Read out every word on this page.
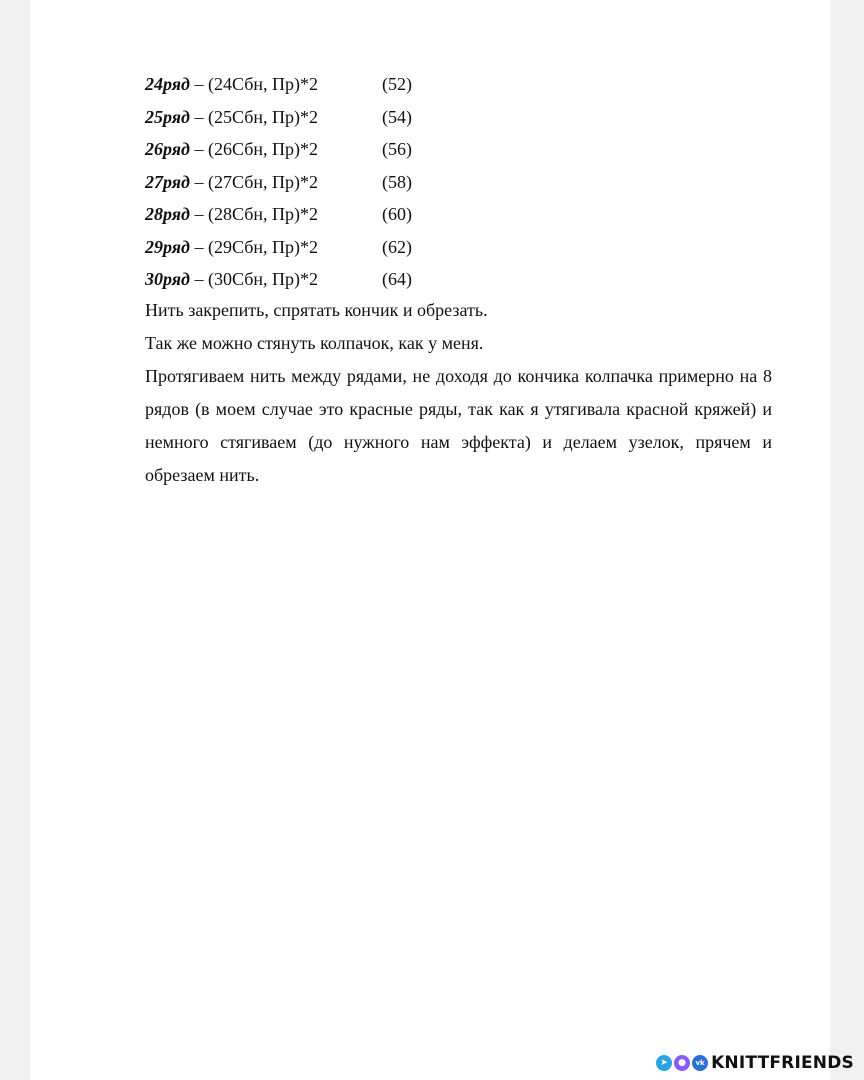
24ряд – (24Сбн, Пр)*2	(52)
25ряд – (25Сбн, Пр)*2	(54)
26ряд – (26Сбн, Пр)*2	(56)
27ряд – (27Сбн, Пр)*2	(58)
28ряд – (28Сбн, Пр)*2	(60)
29ряд – (29Сбн, Пр)*2	(62)
30ряд – (30Сбн, Пр)*2	(64)
Нить закрепить, спрятать кончик и обрезать.
Так же можно стянуть колпачок, как у меня.
Протягиваем нить между рядами, не доходя до кончика колпачка примерно на 8 рядов (в моем случае это красные ряды, так как я утягивала красной кряжей) и немного стягиваем (до нужного нам эффекта) и делаем узелок, прячем и обрезаем нить.
➤	●	vk KNITTFRIENDS
